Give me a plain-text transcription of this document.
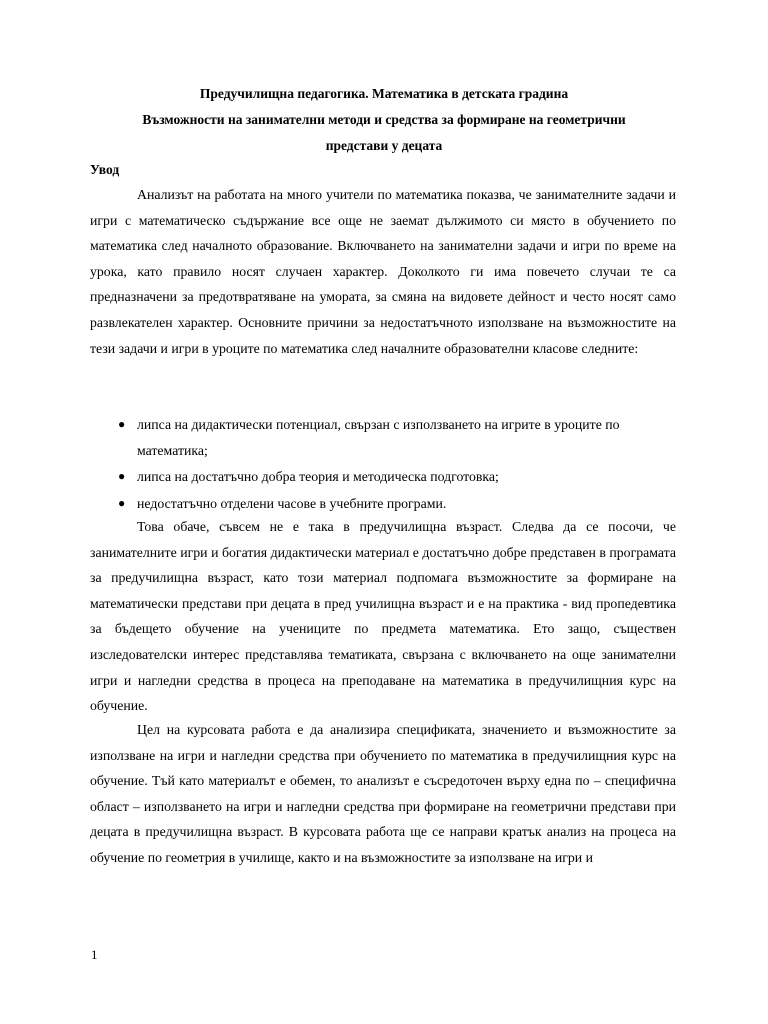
Предучилищна педагогика. Математика в детската градина
Възможности на занимателни методи и средства за формиране на геометрични
представи у децата
Увод

Анализът на работата на много учители по математика показва, че занимателните задачи и игри с математическо съдържание все още не заемат дължимото си място в обучението по математика след началното образование. Включването на занимателни задачи и игри по време на урока, като правило носят случаен характер. Доколкото ги има повечето случаи те са предназначени за предотвратяване на умората, за смяна на видовете дейност и често носят само развлекателен характер. Основните причини за недостатъчното използване на възможностите на тези задачи и игри в уроците по математика след началните образователни класове следните:

● липса на дидактически потенциал, свързан с използването на игрите в уроците по математика;
● липса на достатъчно добра теория и методическа подготовка;
● недостатъчно отделени часове в учебните програми.

Това обаче, съвсем не е така в предучилищна възраст. Следва да се посочи, че занимателните игри и богатия дидактически материал е достатъчно добре представен в програмата за предучилищна възраст, като този материал подпомага възможностите за формиране на математически представи при децата в пред училищна възраст и е на практика - вид пропедевтика за бъдещето обучение на учениците по предмета математика. Ето защо, съществен изследователски интерес представлява тематиката, свързана с включването на още занимателни игри и нагледни средства в процеса на преподаване на математика в предучилищния курс на обучение.

Цел на курсовата работа е да анализира спецификата, значението и възможностите за използване на игри и нагледни средства при обучението по математика в предучилищния курс на обучение. Тъй като материалът е обемен, то анализът е съсредоточен върху една по – специфична област – използването на игри и нагледни средства при формиране на геометрични представи при децата в предучилищна възраст. В курсовата работа ще се направи кратък анализ на процеса на обучение по геометрия в училище, както и на възможностите за използване на игри и

1
